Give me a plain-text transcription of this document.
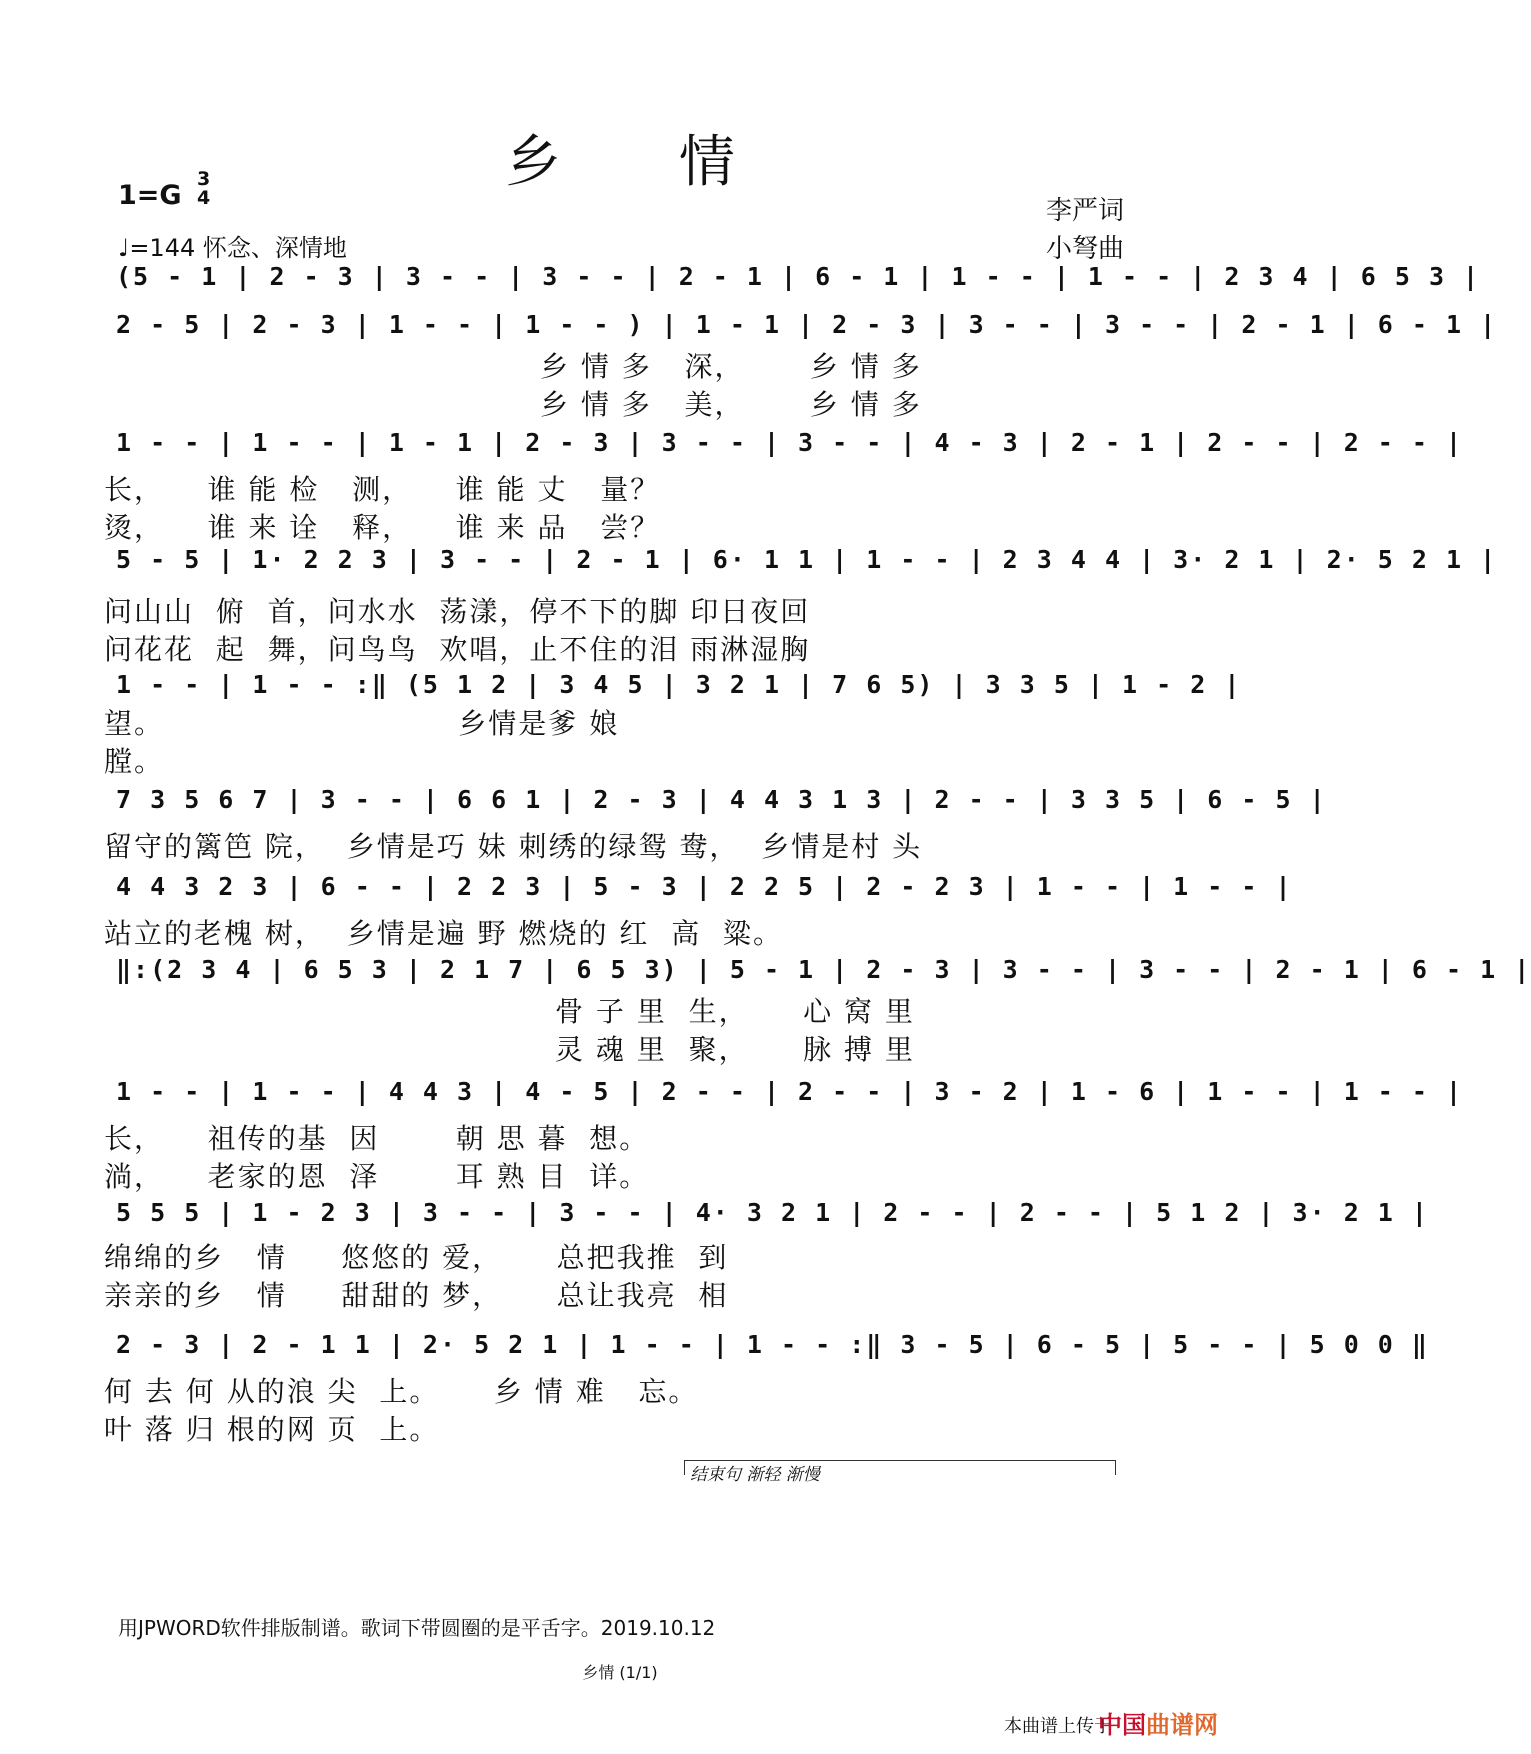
乡 情
1=G
3
4
♩=144 怀念、深情地
李严词
小弩曲
(5 - 1 | 2 - 3 | 3 - - | 3 - - | 2 - 1 | 6 - 1 | 1 - - | 1 - - | 2 3 4 | 6 5 3 |
2 - 5 | 2 - 3 | 1 - - | 1 - - ) | 1 - 1 | 2 - 3 | 3 - - | 3 - - | 2 - 1 | 6 - 1 |
乡 情 多   深，      乡 情 多
乡 情 多   美，      乡 情 多
1 - - | 1 - - | 1 - 1 | 2 - 3 | 3 - - | 3 - - | 4 - 3 | 2 - 1 | 2 - - | 2 - - |
长，    谁 能 检   测，    谁 能 丈   量？
烫，    谁 来 诠   释，    谁 来 品   尝？
5 - 5 | 1· 2 2 3 | 3 - - | 2 - 1 | 6· 1 1 | 1 - - | 2 3 4 4 | 3· 2 1 | 2· 5 2 1 |
问山山  俯  首，问水水  荡漾，停不下的脚 印日夜回
问花花  起  舞，问鸟鸟  欢唱，止不住的泪 雨淋湿胸
1 - - | 1 - - :‖ (5 1 2 | 3 4 5 | 3 2 1 | 7 6 5) | 3 3 5 | 1 - 2 |
望。                           乡情是爹 娘
膛。
7 3 5 6 7 | 3 - - | 6 6 1 | 2 - 3 | 4 4 3 1 3 | 2 - - | 3 3 5 | 6 - 5 |
留守的篱笆 院，  乡情是巧 妹 刺绣的绿鸳 鸯，  乡情是村 头
4 4 3 2 3 | 6 - - | 2 2 3 | 5 - 3 | 2 2 5 | 2 - 2 3 | 1 - - | 1 - - |
站立的老槐 树，  乡情是遍 野 燃烧的 红  高  粱。
‖:(2 3 4 | 6 5 3 | 2 1 7 | 6 5 3) | 5 - 1 | 2 - 3 | 3 - - | 3 - - | 2 - 1 | 6 - 1 |
骨 子 里  生，     心 窝 里
灵 魂 里  聚，     脉 搏 里
1 - - | 1 - - | 4 4 3 | 4 - 5 | 2 - - | 2 - - | 3 - 2 | 1 - 6 | 1 - - | 1 - - |
长，    祖传的基  因       朝 思 暮  想。
淌，    老家的恩  泽       耳 熟 目  详。
5 5 5 | 1 - 2 3 | 3 - - | 3 - - | 4· 3 2 1 | 2 - - | 2 - - | 5 1 2 | 3· 2 1 |
绵绵的乡   情     悠悠的 爱，     总把我推  到
亲亲的乡   情     甜甜的 梦，     总让我亮  相
2 - 3 | 2 - 1 1 | 2· 5 2 1 | 1 - - | 1 - - :‖ 3 - 5 | 6 - 5 | 5 - - | 5 0 0 ‖
何 去 何 从的浪 尖  上。     乡 情 难   忘。
叶 落 归 根的网 页  上。
结束句 渐轻 渐慢
用JPWORD软件排版制谱。歌词下带圆圈的是平舌字。2019.10.12
乡情 (1/1)
本曲谱上传于
中国曲谱网
